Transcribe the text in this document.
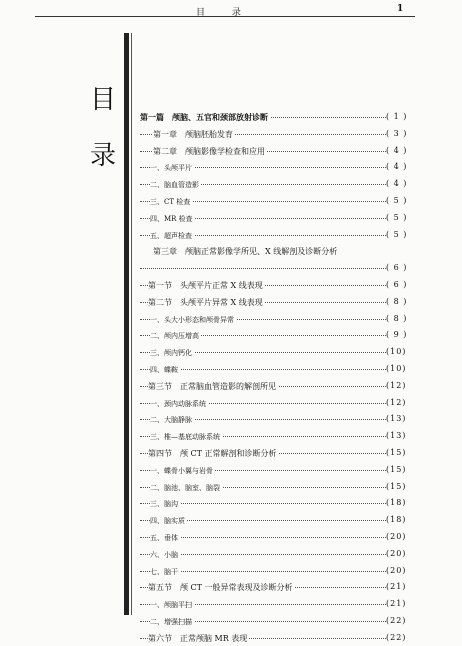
目 录	1
目
录
第一篇　颅脑、五官和颈部放射诊断	( 1 )
第一章　颅脑胚胎发育	( 3 )
第二章　颅脑影像学检查和应用	( 4 )
一、头颅平片	( 4 )
二、脑血管造影	( 4 )
三、CT 检查	( 5 )
四、MR 检查	( 5 )
五、超声检查	( 5 )
第三章　颅脑正常影像学所见、X 线解剖及诊断分析
( 6 )
第一节　头颅平片正常 X 线表现	( 6 )
第二节　头颅平片异常 X 线表现	( 8 )
一、头大小形态和颅骨异常	( 8 )
二、颅内压增高	( 9 )
三、颅内钙化	(10)
四、蝶鞍	(10)
第三节　正常脑血管造影的解剖所见	(12)
一、颈内动脉系统	(12)
二、大脑静脉	(13)
三、椎—基底动脉系统	(13)
第四节　颅 CT 正常解剖和诊断分析	(15)
一、蝶骨小翼与岩骨	(15)
二、脑池、脑室、脑裂	(15)
三、脑沟	(18)
四、脑实质	(18)
五、垂体	(20)
六、小脑	(20)
七、脑干	(20)
第五节　颅 CT 一般异常表现及诊断分析	(21)
一、颅脑平扫	(21)
二、增强扫描	(22)
第六节　正常颅脑 MR 表现	(22)
